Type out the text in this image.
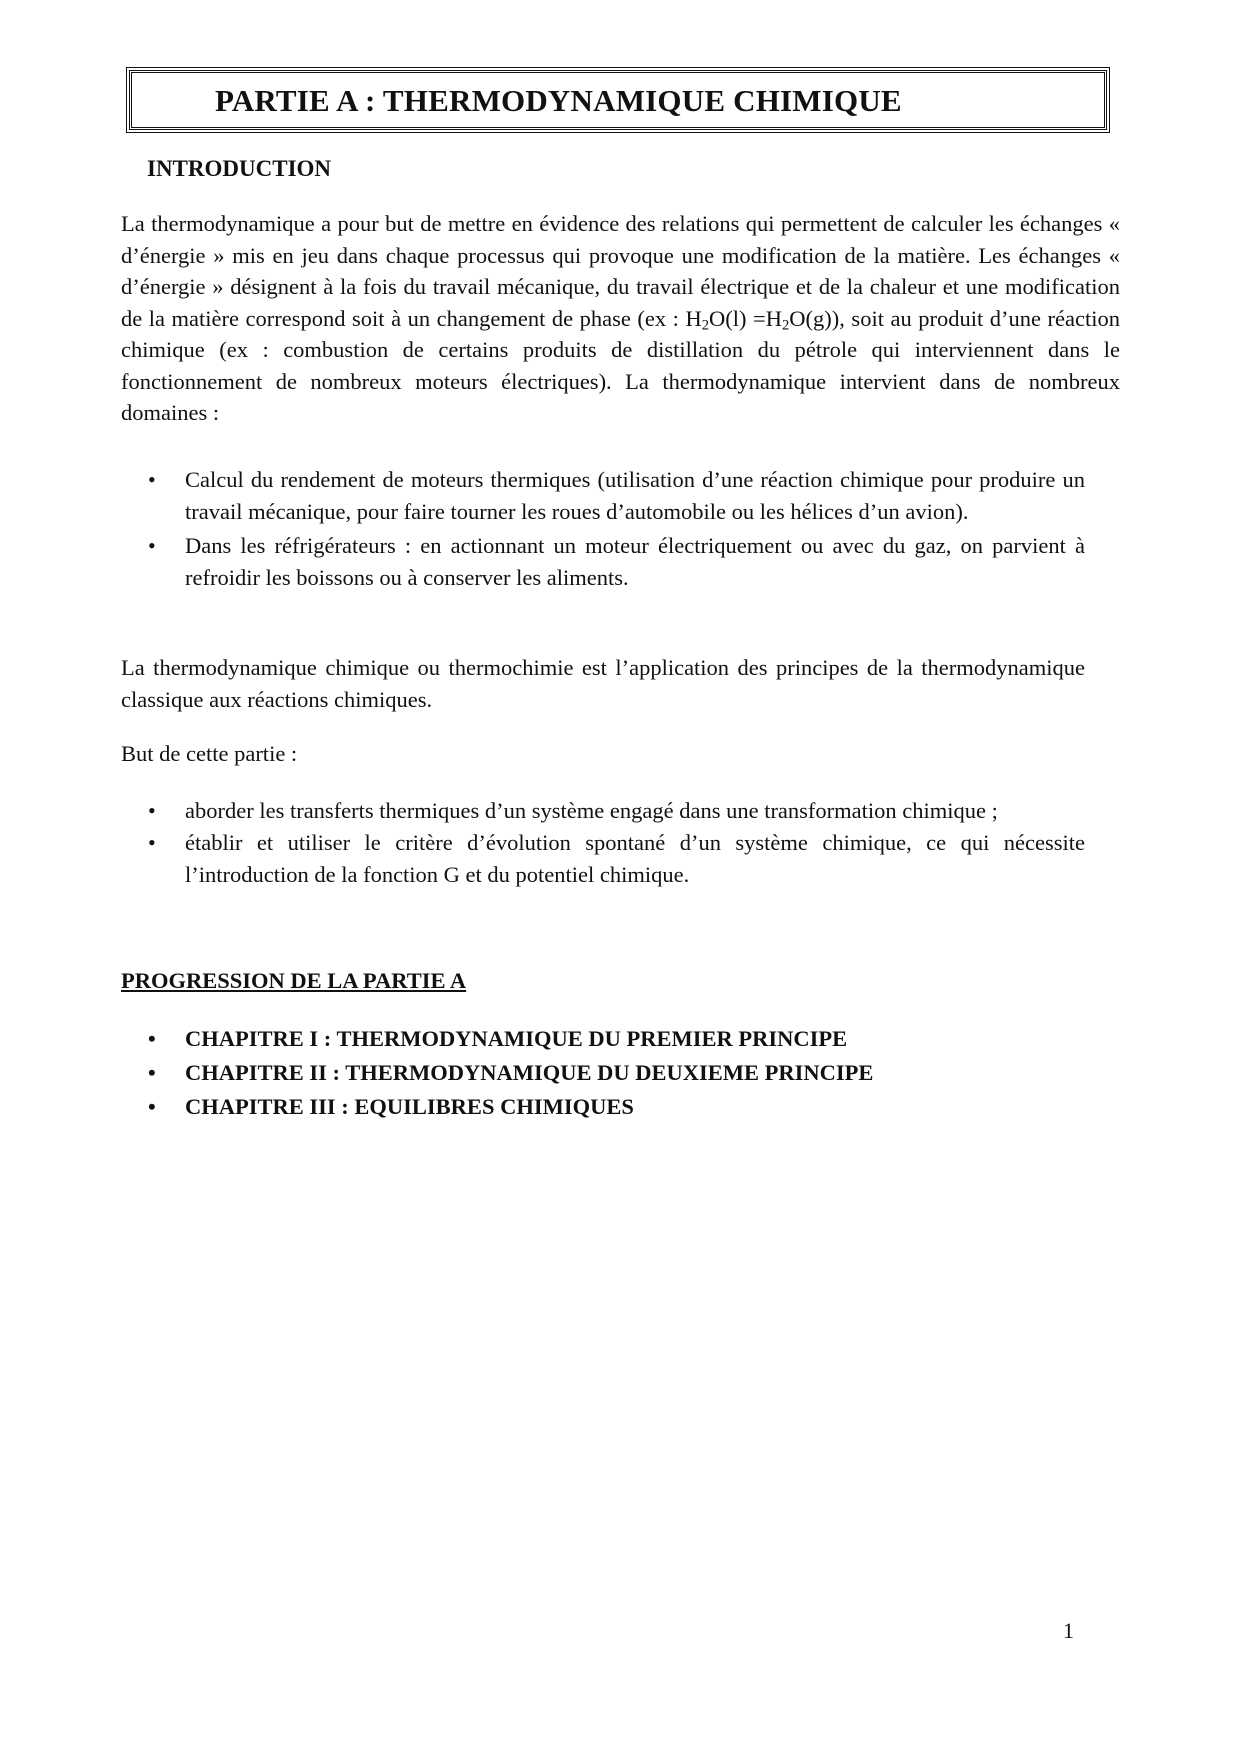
PARTIE A : THERMODYNAMIQUE CHIMIQUE
INTRODUCTION

La thermodynamique a pour but de mettre en évidence des relations qui permettent de calculer les échanges « d’énergie » mis en jeu dans chaque processus qui provoque une modification de la matière. Les échanges « d’énergie » désignent à la fois du travail mécanique, du travail électrique et de la chaleur et une modification de la matière correspond soit à un changement de phase (ex : $H_2O(l) =H_2O(g)$), soit au produit d’une réaction chimique (ex : combustion de certains produits de distillation du pétrole qui interviennent dans le fonctionnement de nombreux moteurs électriques). La thermodynamique intervient dans de nombreux domaines :

• Calcul du rendement de moteurs thermiques (utilisation d’une réaction chimique pour produire un travail mécanique, pour faire tourner les roues d’automobile ou les hélices d’un avion).
• Dans les réfrigérateurs : en actionnant un moteur électriquement ou avec du gaz, on parvient à refroidir les boissons ou à conserver les aliments.

La thermodynamique chimique ou thermochimie est l’application des principes de la thermodynamique classique aux réactions chimiques.

But de cette partie :

• aborder les transferts thermiques d’un système engagé dans une transformation chimique ;
• établir et utiliser le critère d’évolution spontané d’un système chimique, ce qui nécessite l’introduction de la fonction G et du potentiel chimique.
PROGRESSION DE LA PARTIE A
• CHAPITRE I : THERMODYNAMIQUE DU PREMIER PRINCIPE
• CHAPITRE II : THERMODYNAMIQUE DU DEUXIEME PRINCIPE
• CHAPITRE III : EQUILIBRES CHIMIQUES
1
